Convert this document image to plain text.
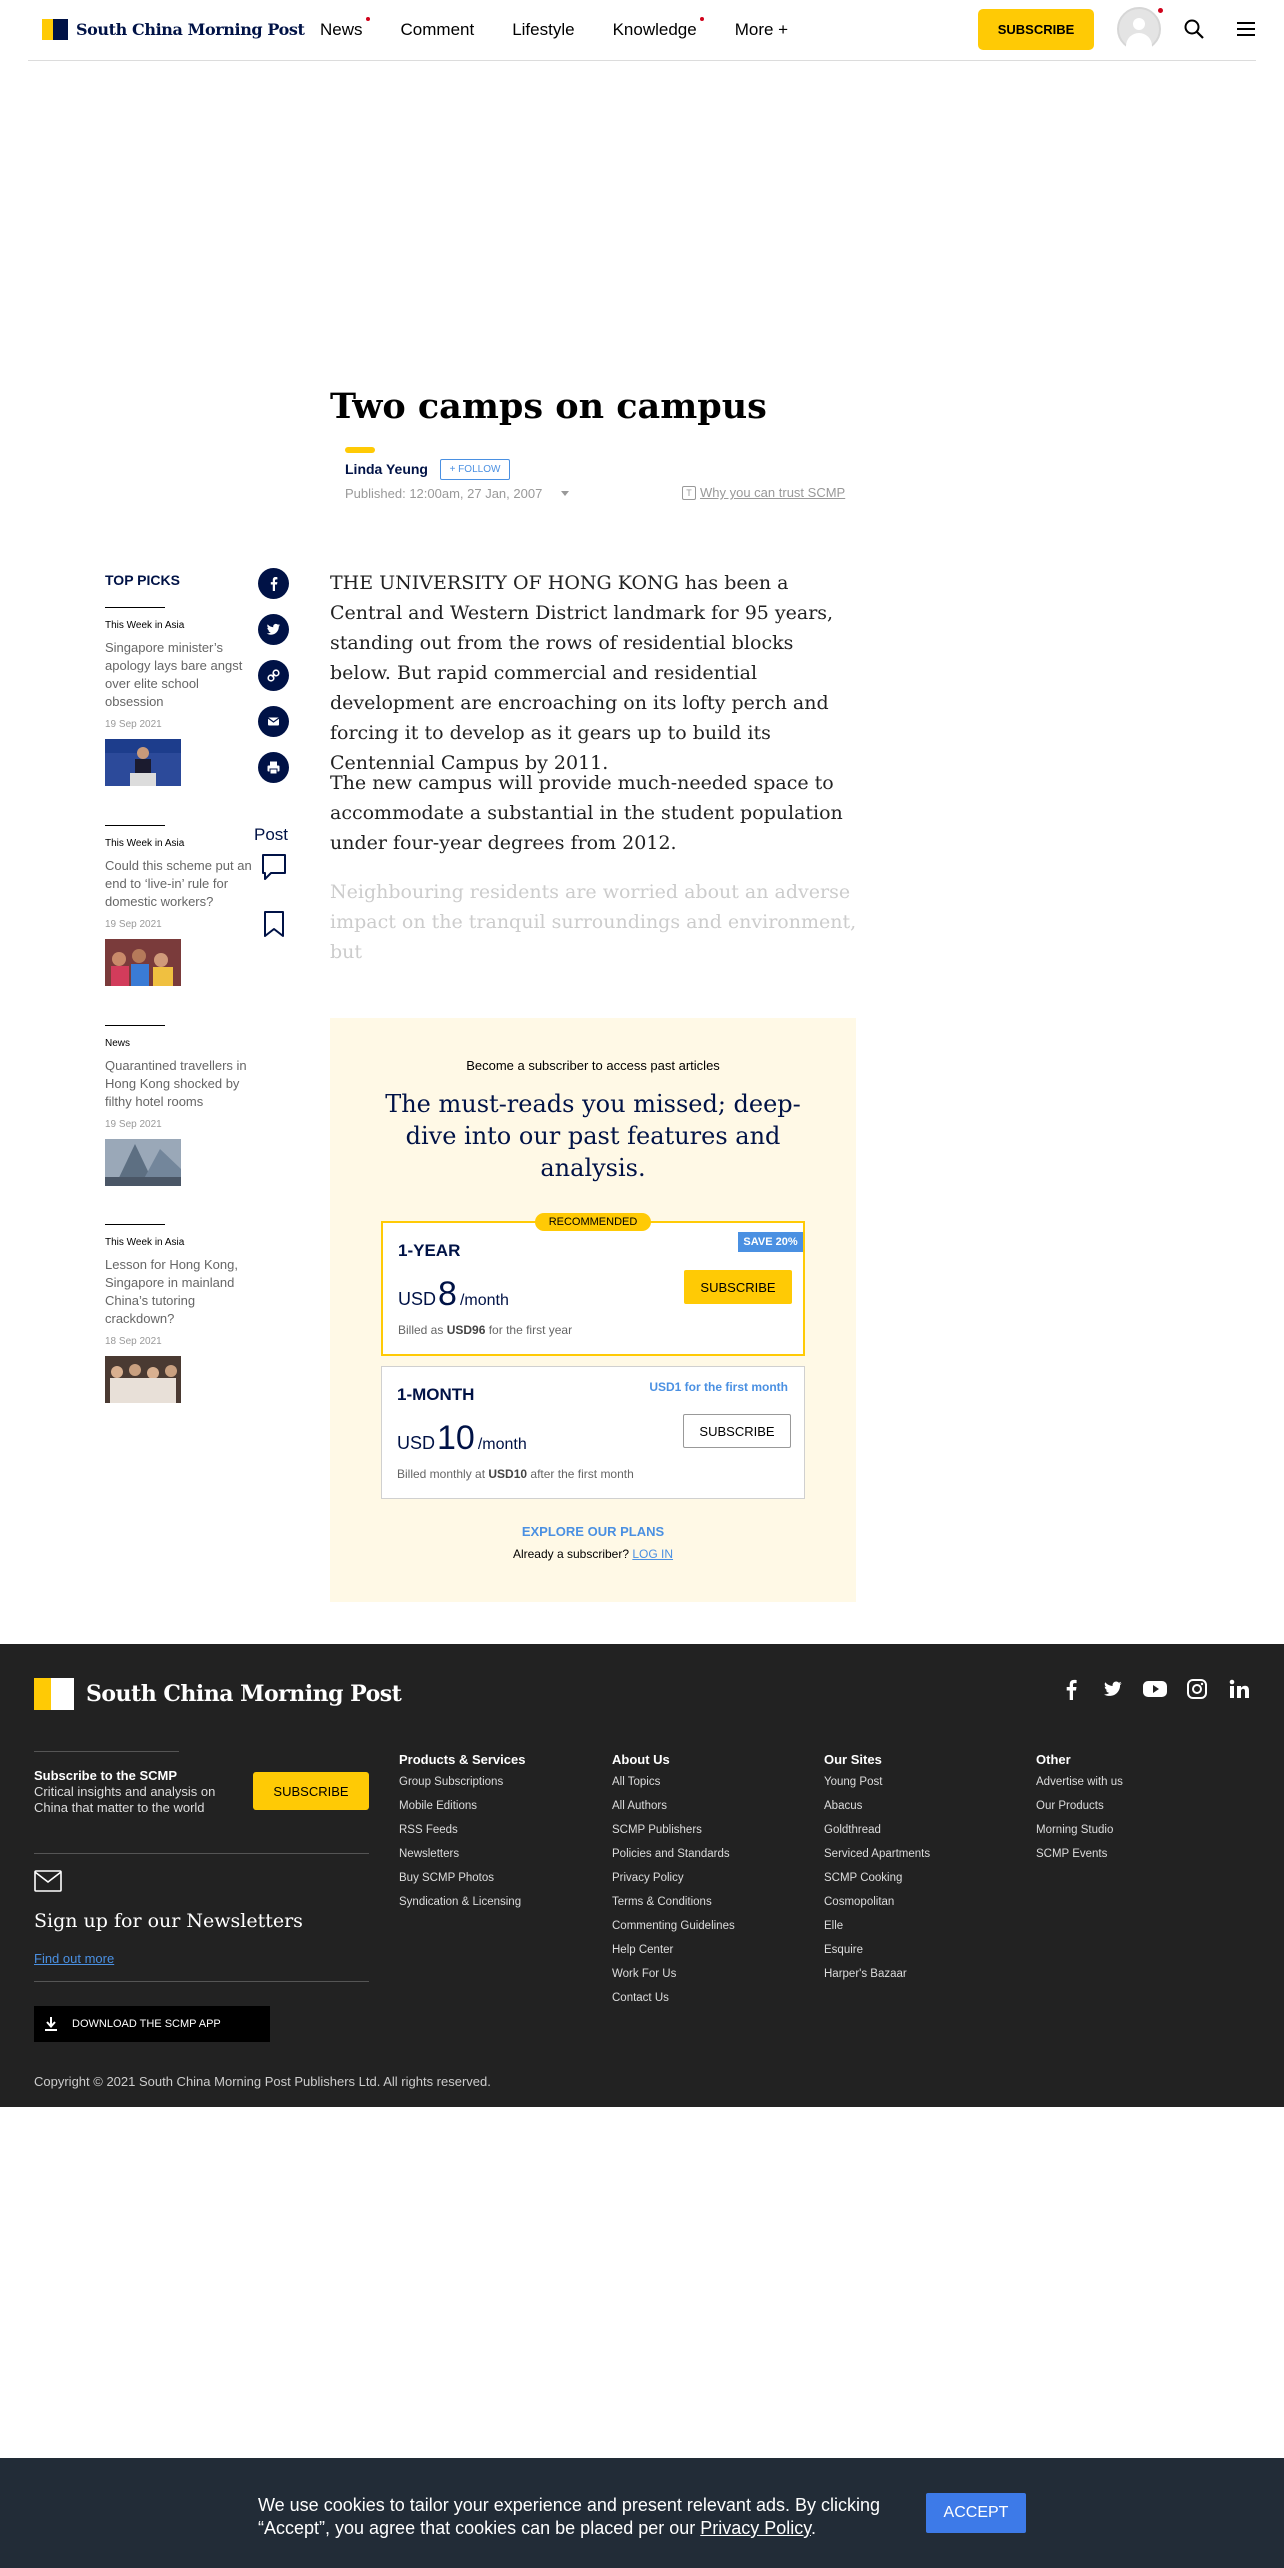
South China Morning Post News Comment Lifestyle Knowledge More +	SUBSCRIBE
Two camps on campus
Linda Yeung	+ FOLLOW
Published: 12:00am, 27 Jan, 2007	T Why you can trust SCMP
TOP PICKS
This Week in Asia
Singapore minister’s apology lays bare angst over elite school obsession
19 Sep 2021
This Week in Asia
Could this scheme put an end to ‘live-in’ rule for domestic workers?
19 Sep 2021
News
Quarantined travellers in Hong Kong shocked by filthy hotel rooms
19 Sep 2021
This Week in Asia
Lesson for Hong Kong, Singapore in mainland China’s tutoring crackdown?
18 Sep 2021
Post

THE UNIVERSITY OF HONG KONG has been a Central and Western District landmark for 95 years, standing out from the rows of residential blocks below. But rapid commercial and residential development are encroaching on its lofty perch and forcing it to develop as it gears up to build its Centennial Campus by 2011.

The new campus will provide much-needed space to accommodate a substantial in the student population under four-year degrees from 2012.

Neighbouring residents are worried about an adverse impact on the tranquil surroundings and environment, but

Become a subscriber to access past articles
The must-reads you missed; deep-dive into our past features and analysis.
RECOMMENDED
SAVE 20%
1-YEAR
USD 8 /month
Billed as USD96 for the first year
SUBSCRIBE
USD1 for the first month
1-MONTH
USD 10 /month
Billed monthly at USD10 after the first month
SUBSCRIBE
EXPLORE OUR PLANS
Already a subscriber? LOG IN
South China Morning Post
Subscribe to the SCMP
Critical insights and analysis on China that matter to the world
SUBSCRIBE
Sign up for our Newsletters
Find out more
DOWNLOAD THE SCMP APP
Copyright © 2021 South China Morning Post Publishers Ltd. All rights reserved.
Products & Services
Group Subscriptions
Mobile Editions
RSS Feeds
Newsletters
Buy SCMP Photos
Syndication & Licensing
About Us
All Topics
All Authors
SCMP Publishers
Policies and Standards
Privacy Policy
Terms & Conditions
Commenting Guidelines
Help Center
Work For Us
Contact Us
Our Sites
Young Post
Abacus
Goldthread
Serviced Apartments
SCMP Cooking
Cosmopolitan
Elle
Esquire
Harper's Bazaar
Other
Advertise with us
Our Products
Morning Studio
SCMP Events
We use cookies to tailor your experience and present relevant ads. By clicking “Accept”, you agree that cookies can be placed per our Privacy Policy.
ACCEPT
